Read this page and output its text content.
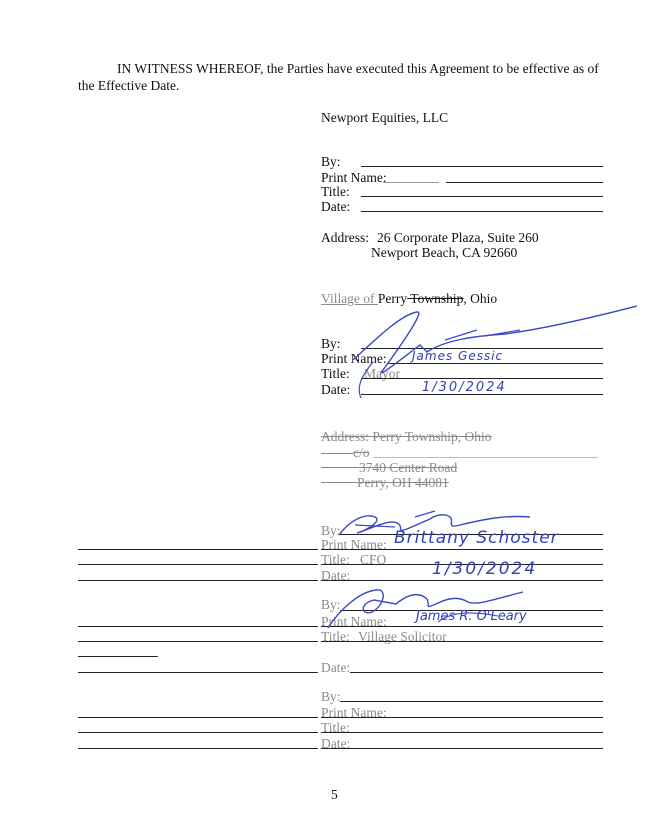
IN WITNESS WHEREOF, the Parties have executed this Agreement to be effective as of
the Effective Date.
Newport Equities, LLC
By:
Print Name:
Title:
Date:
Address: 26 Corporate Plaza, Suite 260
Newport Beach, CA 92660
Village of Perry Township, Ohio
By:
Print Name: James Gessic
Title: Mayor
Date:	1/30/2024
Address: Perry Township, Ohio
c/o
3740 Center Road
Perry, OH 44081
By:
Print Name: Brittany Schoster
Title: CFO
Date:	1/30/2024
By:
Print Name: James R. O'Leary
Title: Village Solicitor
Date:
By:
Print Name:
Title:
Date:
5
